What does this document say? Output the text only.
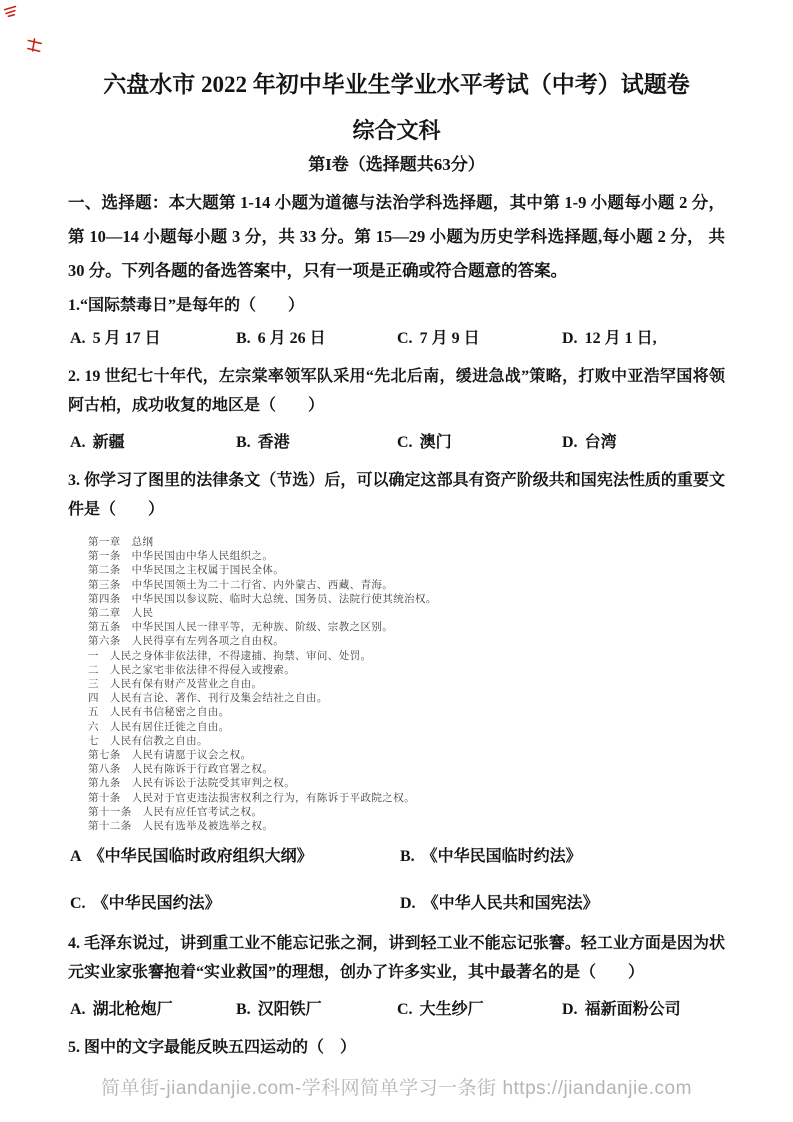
六盘水市 2022 年初中毕业生学业水平考试（中考）试题卷
综合文科
第I卷（选择题共63分）
一、选择题：本大题第 1-14 小题为道德与法治学科选择题，其中第 1-9 小题每小题 2 分，第 10—14 小题每小题 3 分，共 33 分。第 15—29 小题为历史学科选择题,每小题 2 分， 共 30 分。下列各题的备选答案中，只有一项是正确或符合题意的答案。
1.“国际禁毒日”是每年的（　　）
A. 5 月 17 日	B. 6 月 26 日	C. 7 月 9 日	D. 12 月 1 日,
2. 19 世纪七十年代，左宗棠率领军队采用“先北后南，缓进急战”策略，打败中亚浩罕国将领阿古柏，成功收复的地区是（　　）
A. 新疆	B. 香港	C. 澳门	D. 台湾
3. 你学习了图里的法律条文（节选）后，可以确定这部具有资产阶级共和国宪法性质的重要文件是（　　）
第一章　总纲
第一条　中华民国由中华人民组织之。
第二条　中华民国之主权属于国民全体。
第三条　中华民国领土为二十二行省、内外蒙古、西藏、青海。
第四条　中华民国以参议院、临时大总统、国务员、法院行使其统治权。
第二章　人民
第五条　中华民国人民一律平等，无种族、阶级、宗教之区别。
第六条　人民得享有左列各项之自由权。
一　人民之身体非依法律，不得逮捕、拘禁、审问、处罚。
二　人民之家宅非依法律不得侵入或搜索。
三　人民有保有财产及营业之自由。
四　人民有言论、著作、刊行及集会结社之自由。
五　人民有书信秘密之自由。
六　人民有居住迁徙之自由。
七　人民有信教之自由。
第七条　人民有请愿于议会之权。
第八条　人民有陈诉于行政官署之权。
第九条　人民有诉讼于法院受其审判之权。
第十条　人民对于官吏违法损害权利之行为，有陈诉于平政院之权。
第十一条　人民有应任官考试之权。
第十二条　人民有选举及被选举之权。
A 《中华民国临时政府组织大纲》	B. 《中华民国临时约法》
C. 《中华民国约法》	D. 《中华人民共和国宪法》
4. 毛泽东说过，讲到重工业不能忘记张之洞，讲到轻工业不能忘记张謇。轻工业方面是因为状元实业家张謇抱着“实业救国”的理想，创办了许多实业，其中最著名的是（　　）
A. 湖北枪炮厂	B. 汉阳铁厂	C. 大生纱厂	D. 福新面粉公司
5. 图中的文字最能反映五四运动的（　）
简单街-jiandanjie.com-学科网简单学习一条街 https://jiandanjie.com
